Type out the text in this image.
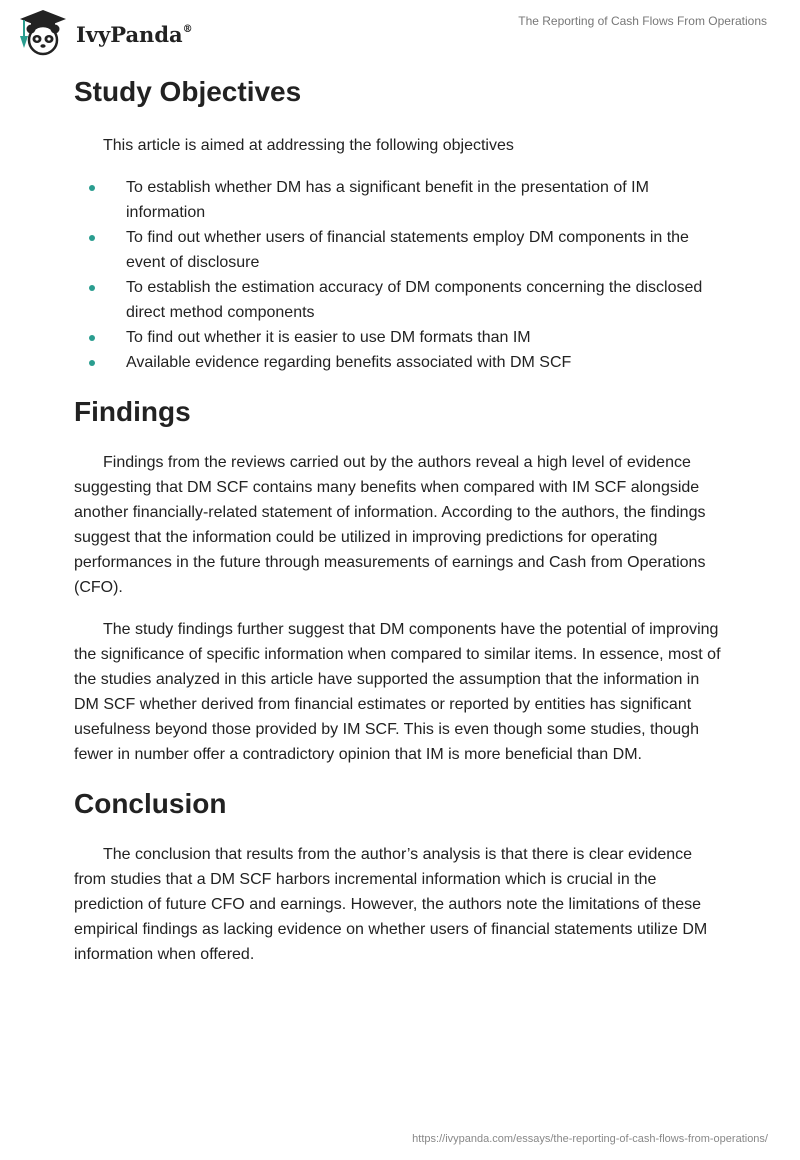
IvyPanda®
The Reporting of Cash Flows From Operations
Study Objectives

This article is aimed at addressing the following objectives

To establish whether DM has a significant benefit in the presentation of IM information
To find out whether users of financial statements employ DM components in the event of disclosure
To establish the estimation accuracy of DM components concerning the disclosed direct method components
To find out whether it is easier to use DM formats than IM
Available evidence regarding benefits associated with DM SCF
Findings

Findings from the reviews carried out by the authors reveal a high level of evidence suggesting that DM SCF contains many benefits when compared with IM SCF alongside another financially-related statement of information. According to the authors, the findings suggest that the information could be utilized in improving predictions for operating performances in the future through measurements of earnings and Cash from Operations (CFO).

The study findings further suggest that DM components have the potential of improving the significance of specific information when compared to similar items. In essence, most of the studies analyzed in this article have supported the assumption that the information in DM SCF whether derived from financial estimates or reported by entities has significant usefulness beyond those provided by IM SCF. This is even though some studies, though fewer in number offer a contradictory opinion that IM is more beneficial than DM.

Conclusion

The conclusion that results from the author’s analysis is that there is clear evidence from studies that a DM SCF harbors incremental information which is crucial in the prediction of future CFO and earnings. However, the authors note the limitations of these empirical findings as lacking evidence on whether users of financial statements utilize DM information when offered.

https://ivypanda.com/essays/the-reporting-of-cash-flows-from-operations/
